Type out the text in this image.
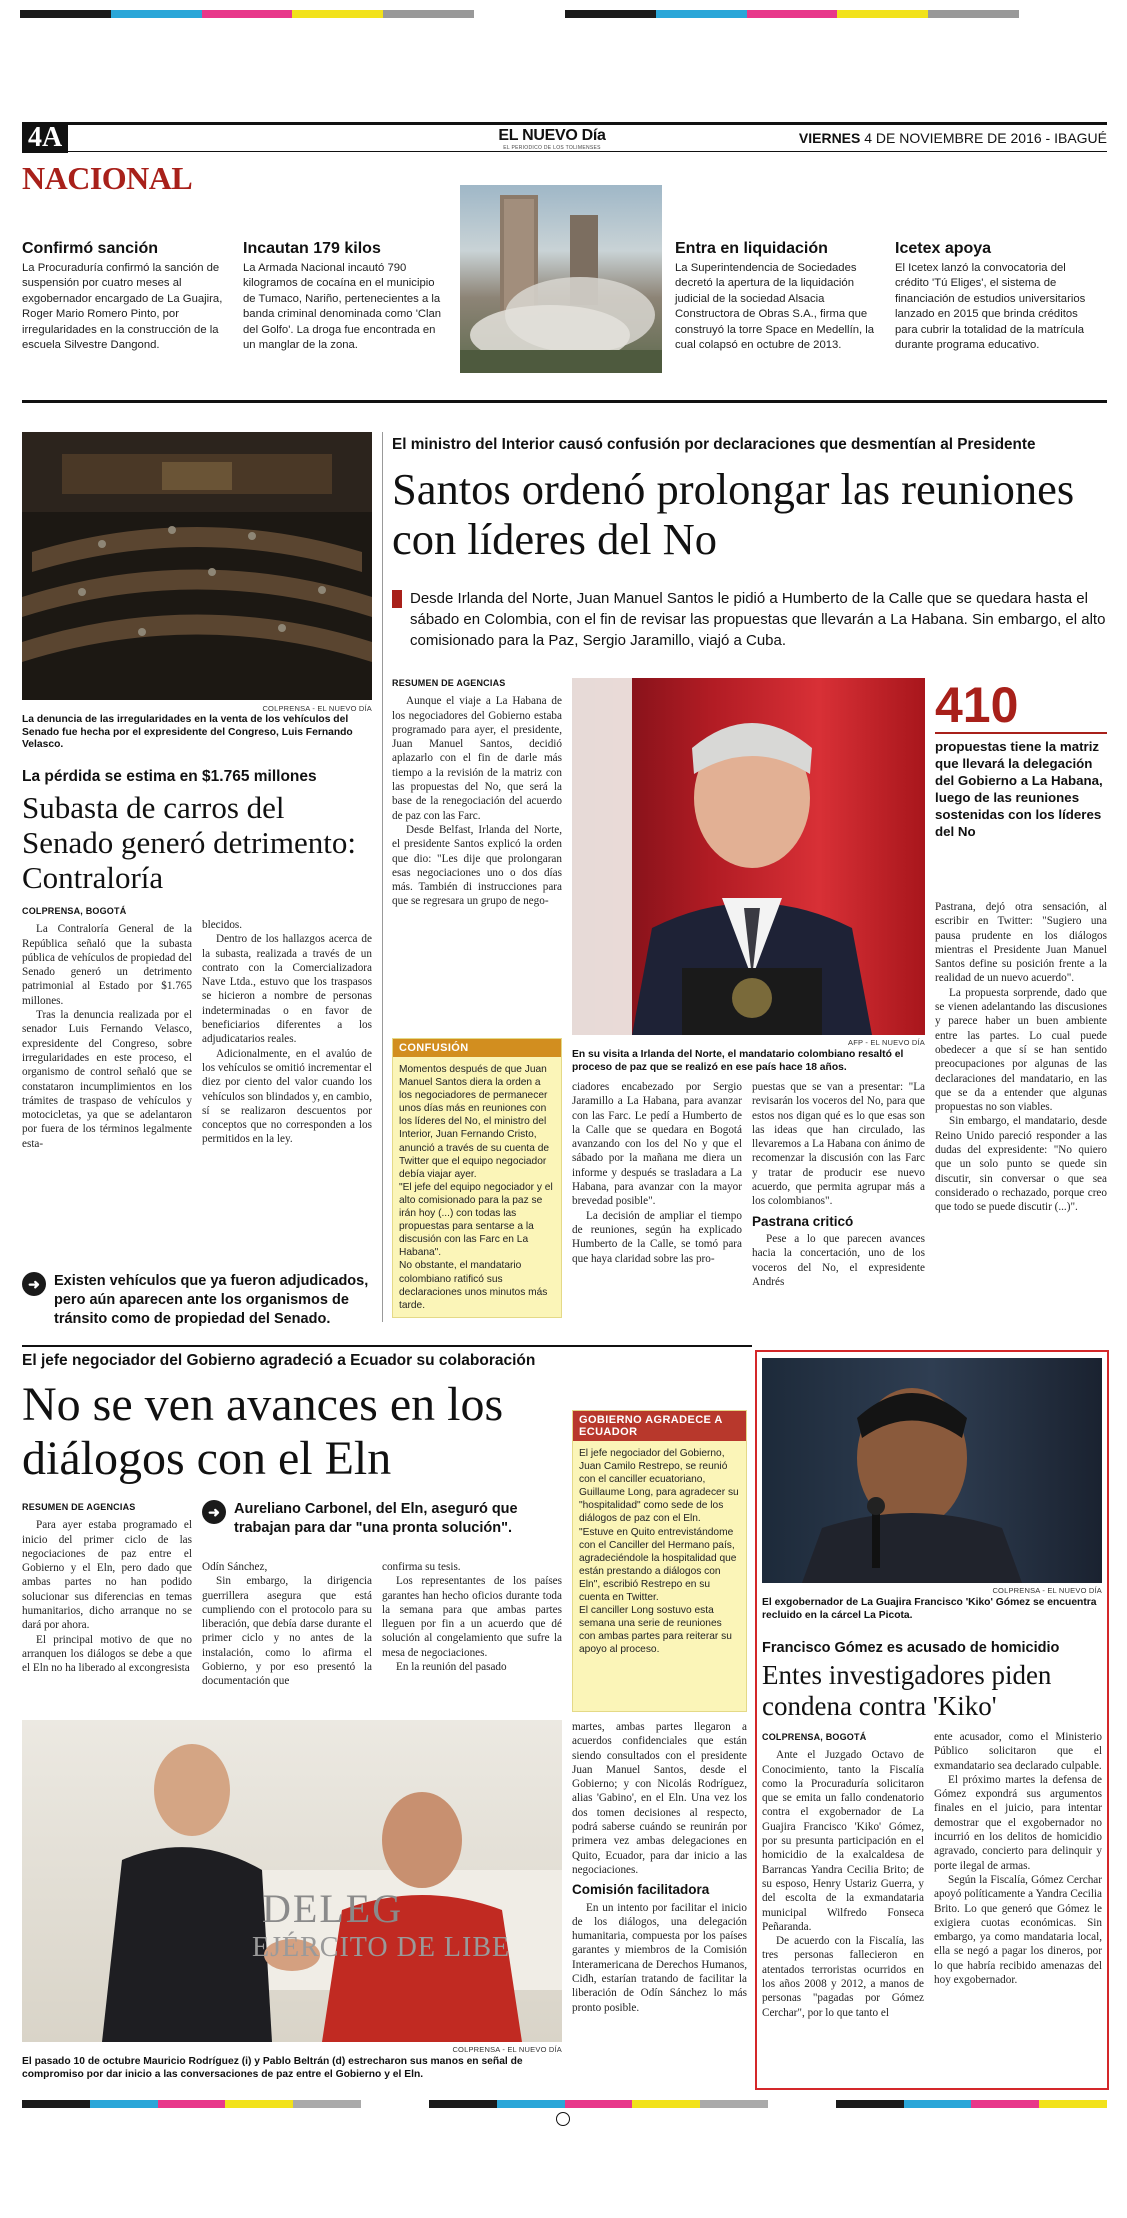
4A	EL NUEVO Día
EL PERIODICO DE LOS TOLIMENSES
VIERNES 4 DE NOVIEMBRE DE 2016 - IBAGUÉ
NACIONAL
Confirmó sanción

La Procuraduría confirmó la sanción de suspensión por cuatro meses al exgobernador encargado de La Guajira, Roger Mario Romero Pinto, por irregularidades en la construcción de la escuela Silvestre Dangond.

Incautan 179 kilos

La Armada Nacional incautó 790 kilogramos de cocaína en el municipio de Tumaco, Nariño, pertenecientes a la banda criminal denominada como 'Clan del Golfo'. La droga fue encontrada en un manglar de la zona.

Entra en liquidación

La Superintendencia de Sociedades decretó la apertura de la liquidación judicial de la sociedad Alsacia Constructora de Obras S.A., firma que construyó la torre Space en Medellín, la cual colapsó en octubre de 2013.

Icetex apoya

El Icetex lanzó la convocatoria del crédito 'Tú Eliges', el sistema de financiación de estudios universitarios lanzado en 2015 que brinda créditos para cubrir la totalidad de la matrícula durante programa educativo.

COLPRENSA - EL NUEVO DÍA
La denuncia de las irregularidades en la venta de los vehículos del Senado fue hecha por el expresidente del Congreso, Luis Fernando Velasco.
La pérdida se estima en $1.765 millones
Subasta de carros del Senado generó detrimento: Contraloría
COLPRENSA, BOGOTÁ

La Contraloría General de la República señaló que la subasta pública de vehículos de propiedad del Senado generó un detrimento patrimonial al Estado por $1.765 millones.

Tras la denuncia realizada por el senador Luis Fernando Velasco, expresidente del Congreso, sobre irregularidades en este proceso, el organismo de control señaló que se constataron incumplimientos en los trámites de traspaso de vehículos y motocicletas, ya que se adelantaron por fuera de los términos legalmente esta-

blecidos.

Dentro de los hallazgos acerca de la subasta, realizada a través de un contrato con la Comercializadora Nave Ltda., estuvo que los traspasos se hicieron a nombre de personas indeterminadas o en favor de beneficiarios diferentes a los adjudicatarios reales.

Adicionalmente, en el avalúo de los vehículos se omitió incrementar el diez por ciento del valor cuando los vehículos son blindados y, en cambio, sí se realizaron descuentos por conceptos que no corresponden a los permitidos en la ley.

➜ Existen vehículos que ya fueron adjudicados, pero aún aparecen ante los organismos de tránsito como de propiedad del Senado.
El ministro del Interior causó confusión por declaraciones que desmentían al Presidente
Santos ordenó prolongar las reuniones con líderes del No
Desde Irlanda del Norte, Juan Manuel Santos le pidió a Humberto de la Calle que se quedara hasta el sábado en Colombia, con el fin de revisar las propuestas que llevarán a La Habana. Sin embargo, el alto comisionado para la Paz, Sergio Jaramillo, viajó a Cuba.
RESUMEN DE AGENCIAS

Aunque el viaje a La Habana de los negociadores del Gobierno estaba programado para ayer, el presidente, Juan Manuel Santos, decidió aplazarlo con el fin de darle más tiempo a la revisión de la matriz con las propuestas del No, que será la base de la renegociación del acuerdo de paz con las Farc.

Desde Belfast, Irlanda del Norte, el presidente Santos explicó la orden que dio: "Les dije que prolongaran esas negociaciones uno o dos días más. También di instrucciones para que se regresara un grupo de nego-

CONFUSIÓN

Momentos después de que Juan Manuel Santos diera la orden a los negociadores de permanecer unos días más en reuniones con los líderes del No, el ministro del Interior, Juan Fernando Cristo, anunció a través de su cuenta de Twitter que el equipo negociador debía viajar ayer.

"El jefe del equipo negociador y el alto comisionado para la paz se irán hoy (...) con todas las propuestas para sentarse a la discusión con las Farc en La Habana".

No obstante, el mandatario colombiano ratificó sus declaraciones unos minutos más tarde.

AFP - EL NUEVO DÍA
En su visita a Irlanda del Norte, el mandatario colombiano resaltó el proceso de paz que se realizó en ese país hace 18 años.

ciadores encabezado por Sergio Jaramillo a La Habana, para avanzar con las Farc. Le pedí a Humberto de la Calle que se quedara en Bogotá avanzando con los del No y que el sábado por la mañana me diera un informe y después se trasladara a La Habana, para avanzar con la mayor brevedad posible".

La decisión de ampliar el tiempo de reuniones, según ha explicado Humberto de la Calle, se tomó para que haya claridad sobre las pro-

puestas que se van a presentar: "La revisarán los voceros del No, para que estos nos digan qué es lo que esas son las ideas que han circulado, las llevaremos a La Habana con ánimo de recomenzar la discusión con las Farc y tratar de producir ese nuevo acuerdo, que permita agrupar más a los colombianos".

Pastrana criticó

Pese a lo que parecen avances hacia la concertación, uno de los voceros del No, el expresidente Andrés

410
propuestas tiene la matriz que llevará la delegación del Gobierno a La Habana, luego de las reuniones sostenidas con los líderes del No

Pastrana, dejó otra sensación, al escribir en Twitter: "Sugiero una pausa prudente en los diálogos mientras el Presidente Juan Manuel Santos define su posición frente a la realidad de un nuevo acuerdo".

La propuesta sorprende, dado que se vienen adelantando las discusiones y parece haber un buen ambiente entre las partes. Lo cual puede obedecer a que sí se han sentido preocupaciones por algunas de las declaraciones del mandatario, en las que se da a entender que algunas propuestas no son viables.

Sin embargo, el mandatario, desde Reino Unido pareció responder a las dudas del expresidente: "No quiero que un solo punto se quede sin discutir, sin conversar o que sea considerado o rechazado, porque creo que todo se puede discutir (...)".

El jefe negociador del Gobierno agradeció a Ecuador su colaboración
No se ven avances en los diálogos con el Eln
RESUMEN DE AGENCIAS

Para ayer estaba programado el inicio del primer ciclo de las negociaciones de paz entre el Gobierno y el Eln, pero dado que ambas partes no han podido solucionar sus diferencias en temas humanitarios, dicho arranque no se dará por ahora.

El principal motivo de que no arranquen los diálogos se debe a que el Eln no ha liberado al excongresista

➜ Aureliano Carbonel, del Eln, aseguró que trabajan para dar "una pronta solución".

Odín Sánchez,

Sin embargo, la dirigencia guerrillera asegura que está cumpliendo con el protocolo para su liberación, que debía darse durante el primer ciclo y no antes de la instalación, como lo afirma el Gobierno, y por eso presentó la documentación que

confirma su tesis.

Los representantes de los países garantes han hecho oficios durante toda la semana para que ambas partes lleguen por fin a un acuerdo que dé solución al congelamiento que sufre la mesa de negociaciones.

En la reunión del pasado

GOBIERNO AGRADECE A ECUADOR

El jefe negociador del Gobierno, Juan Camilo Restrepo, se reunió con el canciller ecuatoriano, Guillaume Long, para agradecer su "hospitalidad" como sede de los diálogos de paz con el Eln.

"Estuve en Quito entrevistándome con el Canciller del Hermano país, agradeciéndole la hospitalidad que están prestando a diálogos con Eln", escribió Restrepo en su cuenta en Twitter.

El canciller Long sostuvo esta semana una serie de reuniones con ambas partes para reiterar su apoyo al proceso.

DELEG
EJÉRCITO DE LIBE
COLPRENSA - EL NUEVO DÍA
El pasado 10 de octubre Mauricio Rodríguez (i) y Pablo Beltrán (d) estrecharon sus manos en señal de compromiso por dar inicio a las conversaciones de paz entre el Gobierno y el Eln.

martes, ambas partes llegaron a acuerdos confidenciales que están siendo consultados con el presidente Juan Manuel Santos, desde el Gobierno; y con Nicolás Rodríguez, alias 'Gabino', en el Eln. Una vez los dos tomen decisiones al respecto, podrá saberse cuándo se reunirán por primera vez ambas delegaciones en Quito, Ecuador, para dar inicio a las negociaciones.

Comisión facilitadora

En un intento por facilitar el inicio de los diálogos, una delegación humanitaria, compuesta por los países garantes y miembros de la Comisión Interamericana de Derechos Humanos, Cidh, estarían tratando de facilitar la liberación de Odín Sánchez lo más pronto posible.

COLPRENSA - EL NUEVO DÍA
El exgobernador de La Guajira Francisco 'Kiko' Gómez se encuentra recluido en la cárcel La Picota.
Francisco Gómez es acusado de homicidio
Entes investigadores piden condena contra 'Kiko'
COLPRENSA, BOGOTÁ

Ante el Juzgado Octavo de Conocimiento, tanto la Fiscalía como la Procuraduría solicitaron que se emita un fallo condenatorio contra el exgobernador de La Guajira Francisco 'Kiko' Gómez, por su presunta participación en el homicidio de la exalcaldesa de Barrancas Yandra Cecilia Brito; de su esposo, Henry Ustariz Guerra, y del escolta de la exmandataria municipal Wilfredo Fonseca Peñaranda.

De acuerdo con la Fiscalía, las tres personas fallecieron en atentados terroristas ocurridos en los años 2008 y 2012, a manos de personas "pagadas por Gómez Cerchar", por lo que tanto el

ente acusador, como el Ministerio Público solicitaron que el exmandatario sea declarado culpable.

El próximo martes la defensa de Gómez expondrá sus argumentos finales en el juicio, para intentar demostrar que el exgobernador no incurrió en los delitos de homicidio agravado, concierto para delinquir y porte ilegal de armas.

Según la Fiscalía, Gómez Cerchar apoyó políticamente a Yandra Cecilia Brito. Lo que generó que Gómez le exigiera cuotas económicas. Sin embargo, ya como mandataria local, ella se negó a pagar los dineros, por lo que habría recibido amenazas del hoy exgobernador.
